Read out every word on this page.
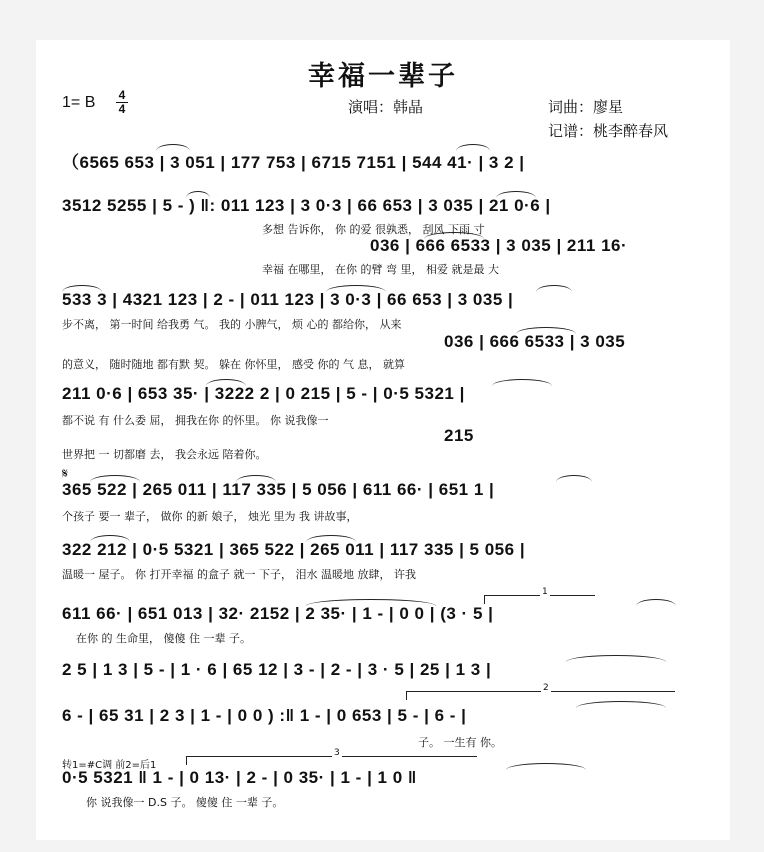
幸福一辈子
1= B 4
4	演唱：韩晶	词曲：廖星
记谱：桃李醉春风
（6565 653 | 3 051 | 177 753 | 6715 7151 | 544 41· | 3 2 |
3512 5255 | 5 - ) ‖: 011 123 | 3 0·3 | 66 653 | 3 035 | 21 0·6 |
多想 告诉你， 你 的爱 很孰悉， 刮风 下雨 寸
036 | 666 6533 | 3 035 | 211 16·
幸福 在哪里， 在你 的臂 弯 里， 相爱 就是最 大
533 3 | 4321 123 | 2 - | 011 123 | 3 0·3 | 66 653 | 3 035 |
步不离， 第一时间 给我勇 气。 我的 小脾气， 烦 心的 都给你， 从来
036 | 666 6533 | 3 035
的意义， 随时随地 都有默 契。 躲在 你怀里， 感受 你的 气 息， 就算
211 0·6 | 653 35· | 3222 2 | 0 215 | 5 - | 0·5 5321 |
都不说 有 什么委 屈， 拥我在你 的怀里。 你 说我像一
215
世界把 一 切都磨 去， 我会永远 陪着你。
𝄋
365 522 | 265 011 | 117 335 | 5 056 | 611 66· | 651 1 |
个孩子 要一 辈子， 做你 的新 娘子， 烛光 里为 我 讲故事，
322 212 | 0·5 5321 | 365 522 | 265 011 | 117 335 | 5 056 |
温暖一 屋子。 你 打开幸福 的盒子 就一 下子， 泪水 温暖地 放肆， 许我
1
611 66· | 651 013 | 32· 2152 | 2 35· | 1 - | 0 0 | (3 · 5 |
在你 的 生命里， 傻傻 住 一辈 子。
2 5 | 1 3 | 5 - | 1 · 6 | 65 12 | 3 - | 2 - | 3 · 5 | 25 | 1 3 |
2
6 - | 65 31 | 2 3 | 1 - | 0 0 ) :‖ 1 - | 0 653 | 5 - | 6 - |
子。 一生有 你。
转1=#C调 前2=后1
3
0·5 5321 ‖ 1 - | 0 13· | 2 - | 0 35· | 1 - | 1 0 ‖
你 说我像一 D.S 子。 傻傻 住 一辈 子。
